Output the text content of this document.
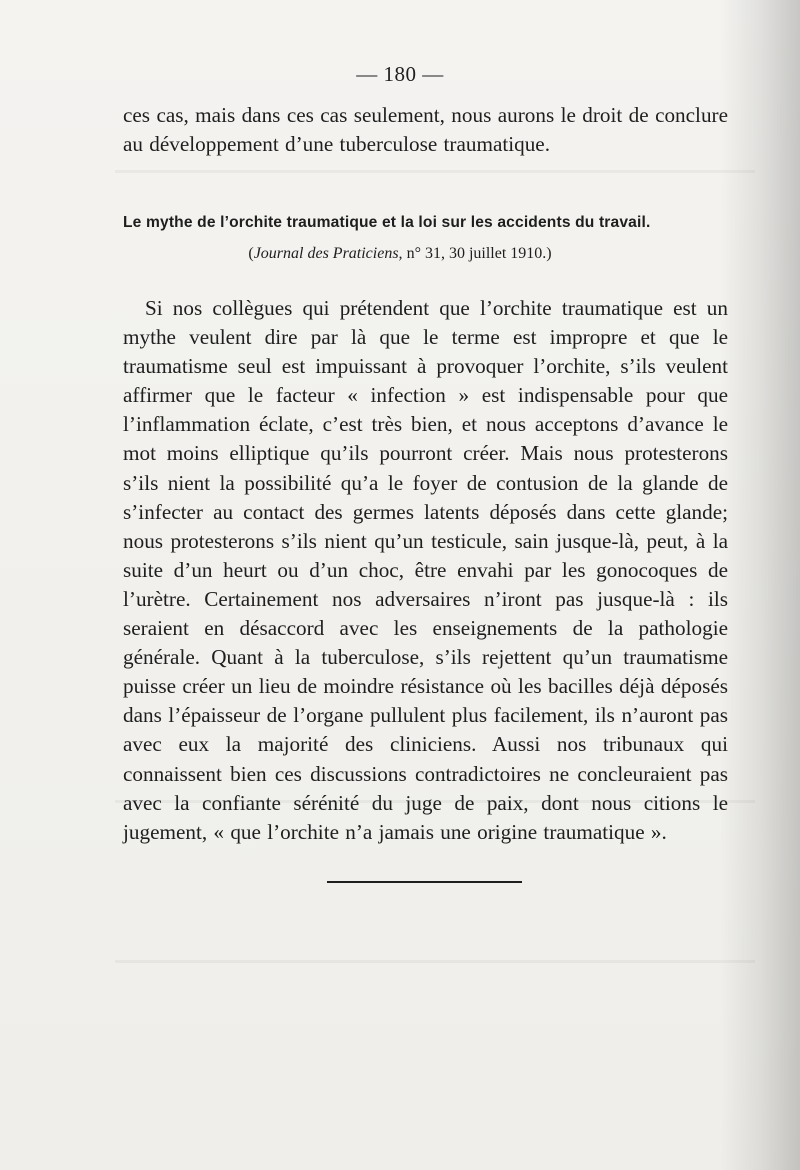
— 180 —

ces cas, mais dans ces cas seulement, nous aurons le droit de conclure au développement d’une tuberculose traumatique.

Le mythe de l’orchite traumatique et la loi sur les accidents du travail.
(Journal des Praticiens, n° 31, 30 juillet 1910.)

Si nos collègues qui prétendent que l’orchite traumatique est un mythe veulent dire par là que le terme est impropre et que le traumatisme seul est impuissant à provoquer l’orchite, s’ils veulent affirmer que le facteur « infection » est indispensable pour que l’inflammation éclate, c’est très bien, et nous acceptons d’avance le mot moins elliptique qu’ils pourront créer. Mais nous protesterons s’ils nient la possibilité qu’a le foyer de contusion de la glande de s’infecter au contact des germes latents déposés dans cette glande; nous protesterons s’ils nient qu’un testicule, sain jusque-là, peut, à la suite d’un heurt ou d’un choc, être envahi par les gonocoques de l’urètre. Certainement nos adversaires n’iront pas jusque-là : ils seraient en désaccord avec les enseignements de la pathologie générale. Quant à la tuberculose, s’ils rejettent qu’un traumatisme puisse créer un lieu de moindre résistance où les bacilles déjà déposés dans l’épaisseur de l’organe pullulent plus facilement, ils n’auront pas avec eux la majorité des cliniciens. Aussi nos tribunaux qui connaissent bien ces discussions contradictoires ne concleuraient pas avec la confiante sérénité du juge de paix, dont nous citions le jugement, « que l’orchite n’a jamais une origine traumatique ».
